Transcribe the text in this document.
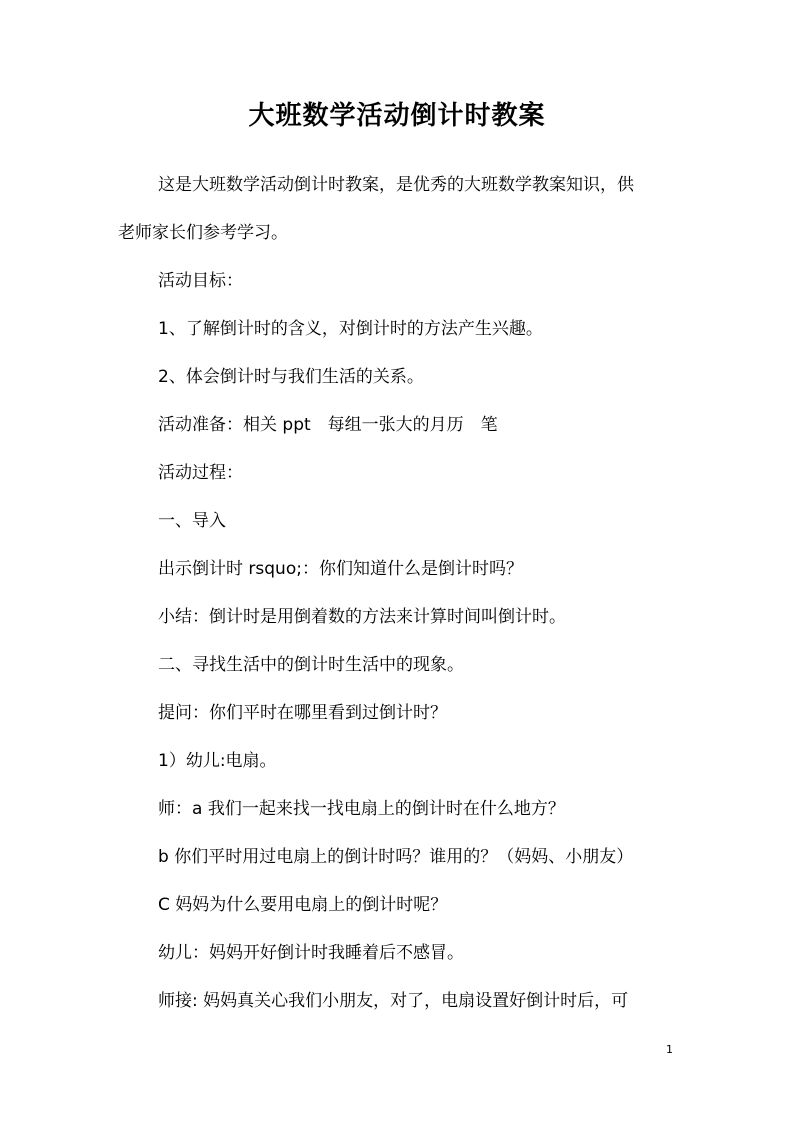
大班数学活动倒计时教案
这是大班数学活动倒计时教案，是优秀的大班数学教案知识，供
老师家长们参考学习。
活动目标：
1、了解倒计时的含义，对倒计时的方法产生兴趣。
2、体会倒计时与我们生活的关系。
活动准备：相关 ppt　每组一张大的月历　笔
活动过程：
一、导入
出示倒计时 rsquo;：你们知道什么是倒计时吗？
小结：倒计时是用倒着数的方法来计算时间叫倒计时。
二、寻找生活中的倒计时生活中的现象。
提问：你们平时在哪里看到过倒计时？
1）幼儿:电扇。
师：a 我们一起来找一找电扇上的倒计时在什么地方？
b 你们平时用过电扇上的倒计时吗？谁用的？（妈妈、小朋友）
C 妈妈为什么要用电扇上的倒计时呢？
幼儿：妈妈开好倒计时我睡着后不感冒。
师接: 妈妈真关心我们小朋友，对了，电扇设置好倒计时后，可
1
